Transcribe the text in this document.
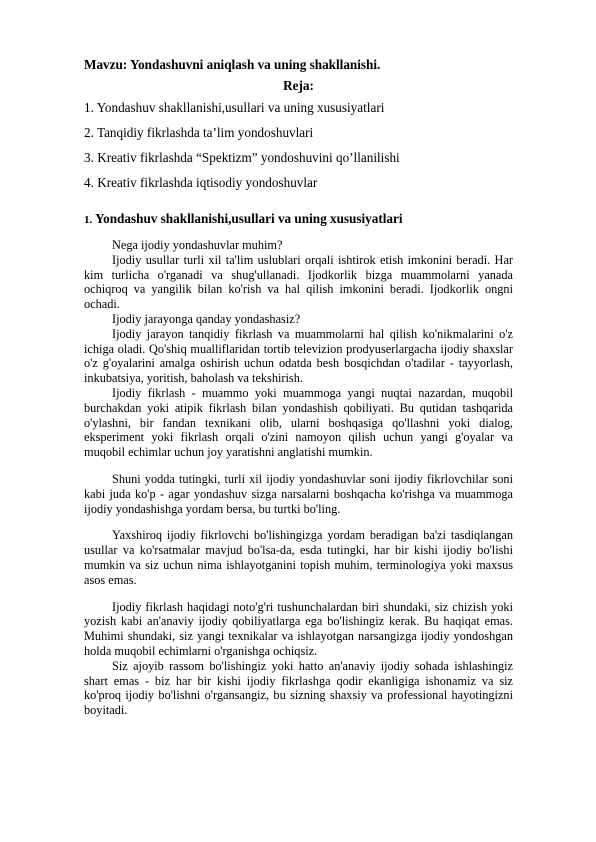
Mavzu: Yondashuvni aniqlash va uning shakllanishi.
Reja:
1. Yondashuv shakllanishi,usullari va uning xususiyatlari
2. Tanqidiy fikrlashda ta’lim yondoshuvlari
3. Kreativ fikrlashda “Spektizm” yondoshuvini qo’llanilishi
4. Kreativ fikrlashda iqtisodiy yondoshuvlar
1. Yondashuv shakllanishi,usullari va uning xususiyatlari

Nega ijodiy yondashuvlar muhim?

Ijodiy usullar turli xil ta'lim uslublari orqali ishtirok etish imkonini beradi. Har kim turlicha o'rganadi va shug'ullanadi. Ijodkorlik bizga muammolarni yanada ochiqroq va yangilik bilan ko'rish va hal qilish imkonini beradi. Ijodkorlik ongni ochadi.

Ijodiy jarayonga qanday yondashasiz?

Ijodiy jarayon tanqidiy fikrlash va muammolarni hal qilish ko'nikmalarini o'z ichiga oladi. Qo'shiq mualliflaridan tortib televizion prodyuserlargacha ijodiy shaxslar o'z g'oyalarini amalga oshirish uchun odatda besh bosqichdan o'tadilar - tayyorlash, inkubatsiya, yoritish, baholash va tekshirish.

Ijodiy fikrlash - muammo yoki muammoga yangi nuqtai nazardan, muqobil burchakdan yoki atipik fikrlash bilan yondashish qobiliyati. Bu qutidan tashqarida o'ylashni, bir fandan texnikani olib, ularni boshqasiga qo'llashni yoki dialog, eksperiment yoki fikrlash orqali o'zini namoyon qilish uchun yangi g'oyalar va muqobil echimlar uchun joy yaratishni anglatishi mumkin.

Shuni yodda tutingki, turli xil ijodiy yondashuvlar soni ijodiy fikrlovchilar soni kabi juda ko'p - agar yondashuv sizga narsalarni boshqacha ko'rishga va muammoga ijodiy yondashishga yordam bersa, bu turtki bo'ling.

Yaxshiroq ijodiy fikrlovchi bo'lishingizga yordam beradigan ba'zi tasdiqlangan usullar va ko'rsatmalar mavjud bo'lsa-da, esda tutingki, har bir kishi ijodiy bo'lishi mumkin va siz uchun nima ishlayotganini topish muhim, terminologiya yoki maxsus asos emas.

Ijodiy fikrlash haqidagi noto'g'ri tushunchalardan biri shundaki, siz chizish yoki yozish kabi an'anaviy ijodiy qobiliyatlarga ega bo'lishingiz kerak. Bu haqiqat emas. Muhimi shundaki, siz yangi texnikalar va ishlayotgan narsangizga ijodiy yondoshgan holda muqobil echimlarni o'rganishga ochiqsiz.

Siz ajoyib rassom bo'lishingiz yoki hatto an'anaviy ijodiy sohada ishlashingiz shart emas - biz har bir kishi ijodiy fikrlashga qodir ekanligiga ishonamiz va siz ko'proq ijodiy bo'lishni o'rgansangiz, bu sizning shaxsiy va professional hayotingizni boyitadi.
